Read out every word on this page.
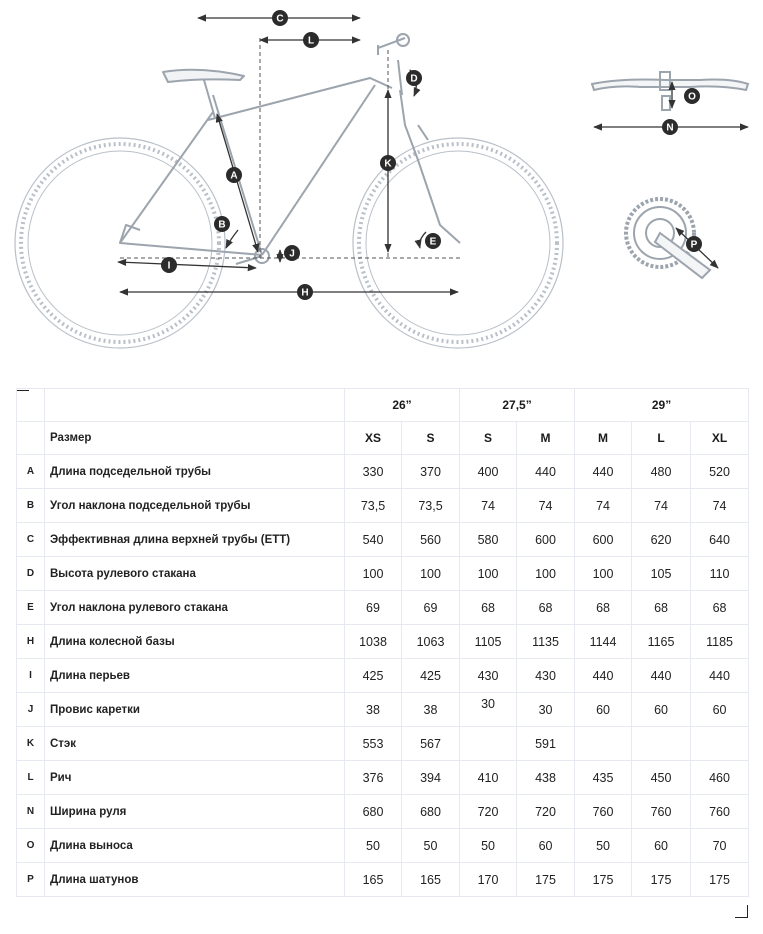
C
L
D
K
A
B
J
E
I
H
O
N
P
		26”		27,5”		29”		
	Размер	XS	S	S	M	M	L	XL
A	Длина подседельной трубы	330	370	400	440	440	480	520
B	Угол наклона подседельной трубы	73,5	73,5	74	74	74	74	74
C	Эффективная длина верхней трубы (ETT)	540	560	580	600	600	620	640
D	Высота рулевого стакана	100	100	100	100	100	105	110
E	Угол наклона рулевого стакана	69	69	68	68	68	68	68
H	Длина колесной базы	1038	1063	1105	1135	1144	1165	1185
I	Длина перьев	425	425	430	430	440	440	440
J	Провис каретки	38	38	30	30	60	60	60
K	Стэк	553	567		591			
L	Рич	376	394	410	438	435	450	460
N	Ширина руля	680	680	720	720	760	760	760
O	Длина выноса	50	50	50	60	50	60	70
P	Длина шатунов	165	165	170	175	175	175	175
